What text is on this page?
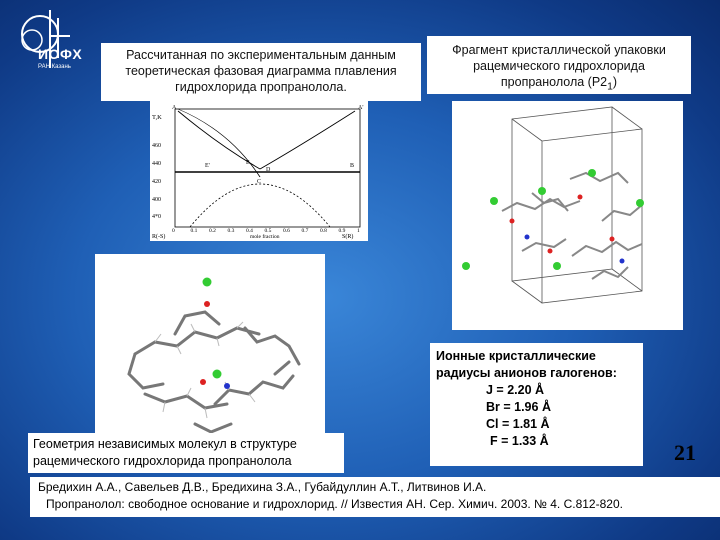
ИОФХ
РАН Казань
Рассчитанная по экспериментальным данным теоретическая фазовая диаграмма плавления гидрохлорида пропранолола.
E
D
C
A'
A
B
E'
T,K
460
440
420
400
4*0
0	0.1 0.2 0.3 0.4 0.5 0.6 0.7 0.8 0.9 1
R(-S)	mole fraction	S(R)
Фрагмент кристаллической упаковки рацемического гидрохлорида пропранолола $(P2_1)$
Геометрия независимых молекул в структуре рацемического гидрохлорида пропранолола
Ионные кристаллические радиусы анионов галогенов:
J = 2.20 Å
Br = 1.96 Å
Cl = 1.81 Å
F = 1.33 Å	21
Бредихин А.А., Савельев Д.В., Бредихина З.А., Губайдуллин А.Т., Литвинов И.А.
Пропранолол: свободное основание и гидрохлорид. // Известия АН. Сер. Химич. 2003. № 4. С.812-820.
